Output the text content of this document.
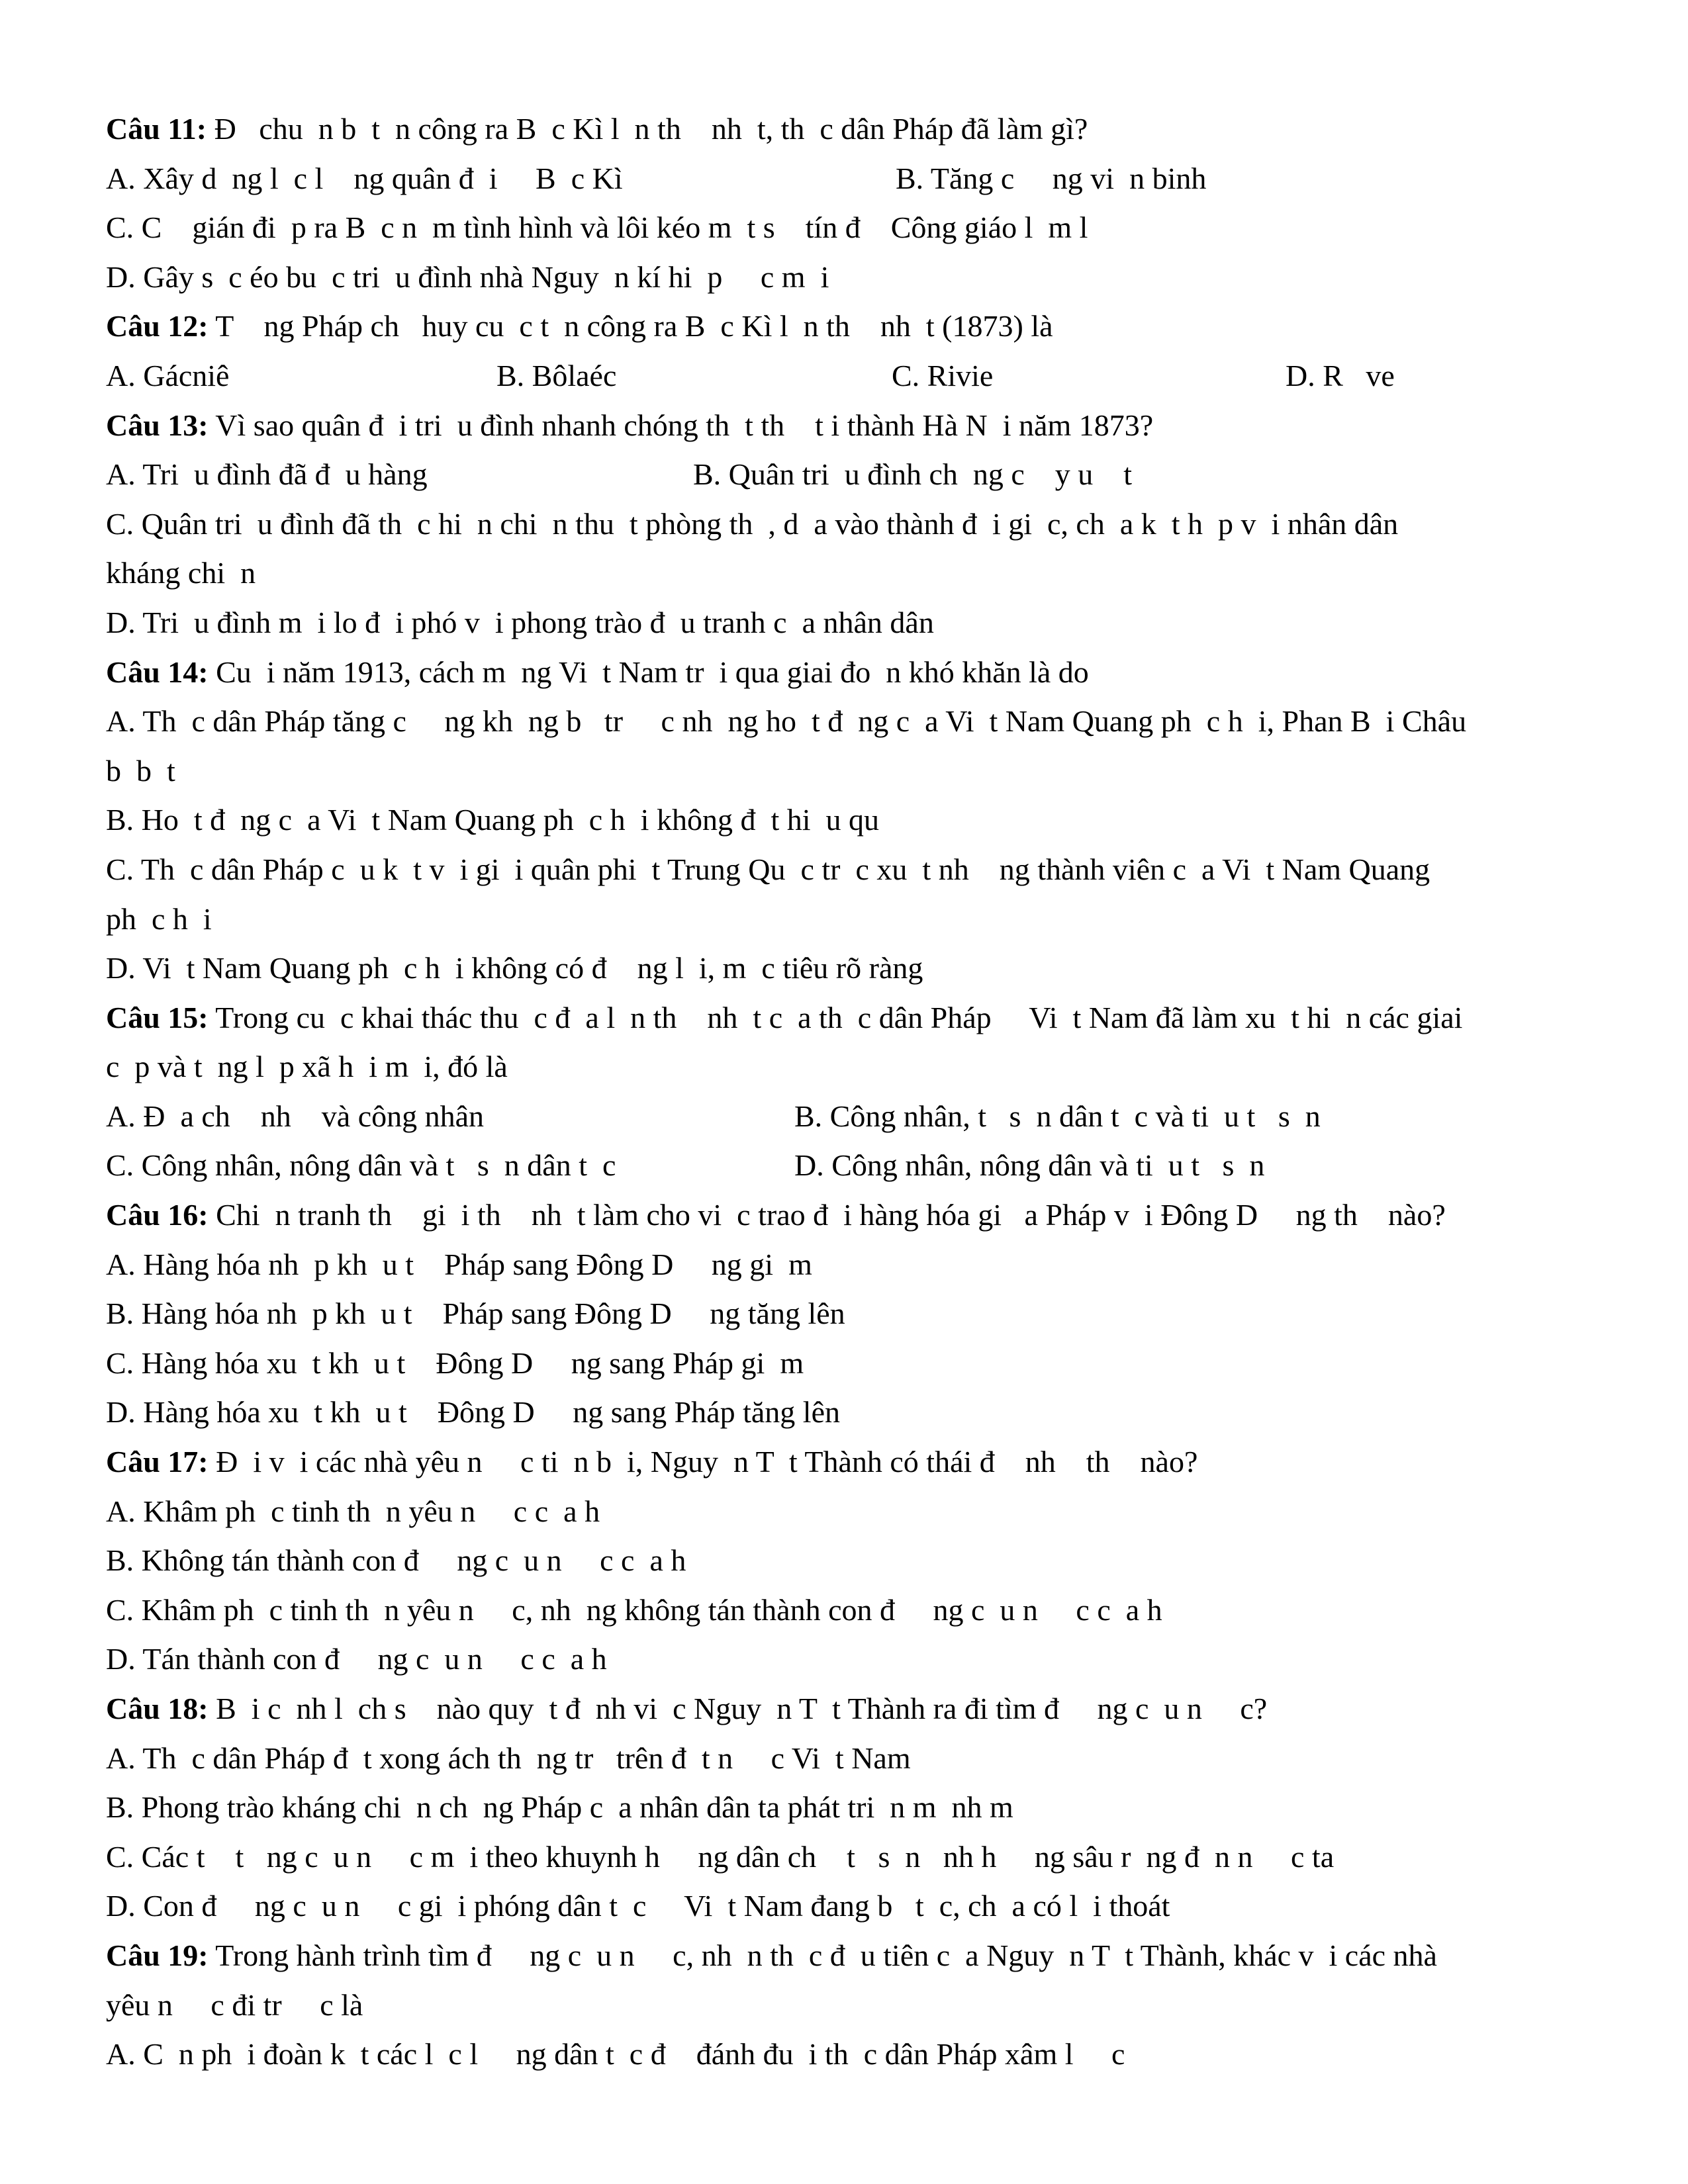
Câu 11: Đ   chu  n b  t  n công ra B  c Kì l  n th    nh  t, th  c dân Pháp đã làm gì?

A. Xây d  ng l  c l    ng quân đ  i     B  c Kì

	B. Tăng c     ng vi  n binh

C. C    gián đi  p ra B  c n  m tình hình và lôi kéo m  t s    tín đ    Công giáo l  m l
D. Gây s  c éo bu  c tri  u đình nhà Nguy  n kí hi  p     c m  i
Câu 12: T    ng Pháp ch   huy cu  c t  n công ra B  c Kì l  n th    nh  t (1873) là

A. Gácniê

	B. Bôlaéc

	C. Rivie

	D. R   ve

Câu 13: Vì sao quân đ  i tri  u đình nhanh chóng th  t th    t i thành Hà N  i năm 1873?

A. Tri  u đình đã đ  u hàng

	B. Quân tri  u đình ch  ng c    y u    t

C. Quân tri  u đình đã th  c hi  n chi  n thu  t phòng th  , d  a vào thành đ  i gi  c, ch  a k  t h  p v  i nhân dân
kháng chi  n
D. Tri  u đình m  i lo đ  i phó v  i phong trào đ  u tranh c  a nhân dân
Câu 14: Cu  i năm 1913, cách m  ng Vi  t Nam tr  i qua giai đo  n khó khăn là do
A. Th  c dân Pháp tăng c     ng kh  ng b   tr     c nh  ng ho  t đ  ng c  a Vi  t Nam Quang ph  c h  i, Phan B  i Châu
b  b  t
B. Ho  t đ  ng c  a Vi  t Nam Quang ph  c h  i không đ  t hi  u qu
C. Th  c dân Pháp c  u k  t v  i gi  i quân phi  t Trung Qu  c tr  c xu  t nh    ng thành viên c  a Vi  t Nam Quang
ph  c h  i
D. Vi  t Nam Quang ph  c h  i không có đ    ng l  i, m  c tiêu rõ ràng
Câu 15: Trong cu  c khai thác thu  c đ  a l  n th    nh  t c  a th  c dân Pháp     Vi  t Nam đã làm xu  t hi  n các giai
c  p và t  ng l  p xã h  i m  i, đó là

A. Đ  a ch    nh    và công nhân

	B. Công nhân, t   s  n dân t  c và ti  u t   s  n

C. Công nhân, nông dân và t   s  n dân t  c

	D. Công nhân, nông dân và ti  u t   s  n

Câu 16: Chi  n tranh th    gi  i th    nh  t làm cho vi  c trao đ  i hàng hóa gi   a Pháp v  i Đông D     ng th    nào?
A. Hàng hóa nh  p kh  u t    Pháp sang Đông D     ng gi  m
B. Hàng hóa nh  p kh  u t    Pháp sang Đông D     ng tăng lên
C. Hàng hóa xu  t kh  u t    Đông D     ng sang Pháp gi  m
D. Hàng hóa xu  t kh  u t    Đông D     ng sang Pháp tăng lên
Câu 17: Đ  i v  i các nhà yêu n     c ti  n b  i, Nguy  n T  t Thành có thái đ    nh    th    nào?
A. Khâm ph  c tinh th  n yêu n     c c  a h
B. Không tán thành con đ     ng c  u n     c c  a h
C. Khâm ph  c tinh th  n yêu n     c, nh  ng không tán thành con đ     ng c  u n     c c  a h
D. Tán thành con đ     ng c  u n     c c  a h
Câu 18: B  i c  nh l  ch s    nào quy  t đ  nh vi  c Nguy  n T  t Thành ra đi tìm đ     ng c  u n     c?
A. Th  c dân Pháp đ  t xong ách th  ng tr   trên đ  t n     c Vi  t Nam
B. Phong trào kháng chi  n ch  ng Pháp c  a nhân dân ta phát tri  n m  nh m
C. Các t    t   ng c  u n     c m  i theo khuynh h     ng dân ch    t   s  n   nh h     ng sâu r  ng đ  n n     c ta
D. Con đ     ng c  u n     c gi  i phóng dân t  c     Vi  t Nam đang b   t  c, ch  a có l  i thoát
Câu 19: Trong hành trình tìm đ     ng c  u n     c, nh  n th  c đ  u tiên c  a Nguy  n T  t Thành, khác v  i các nhà
yêu n     c đi tr     c là
A. C  n ph  i đoàn k  t các l  c l     ng dân t  c đ    đánh đu  i th  c dân Pháp xâm l     c
